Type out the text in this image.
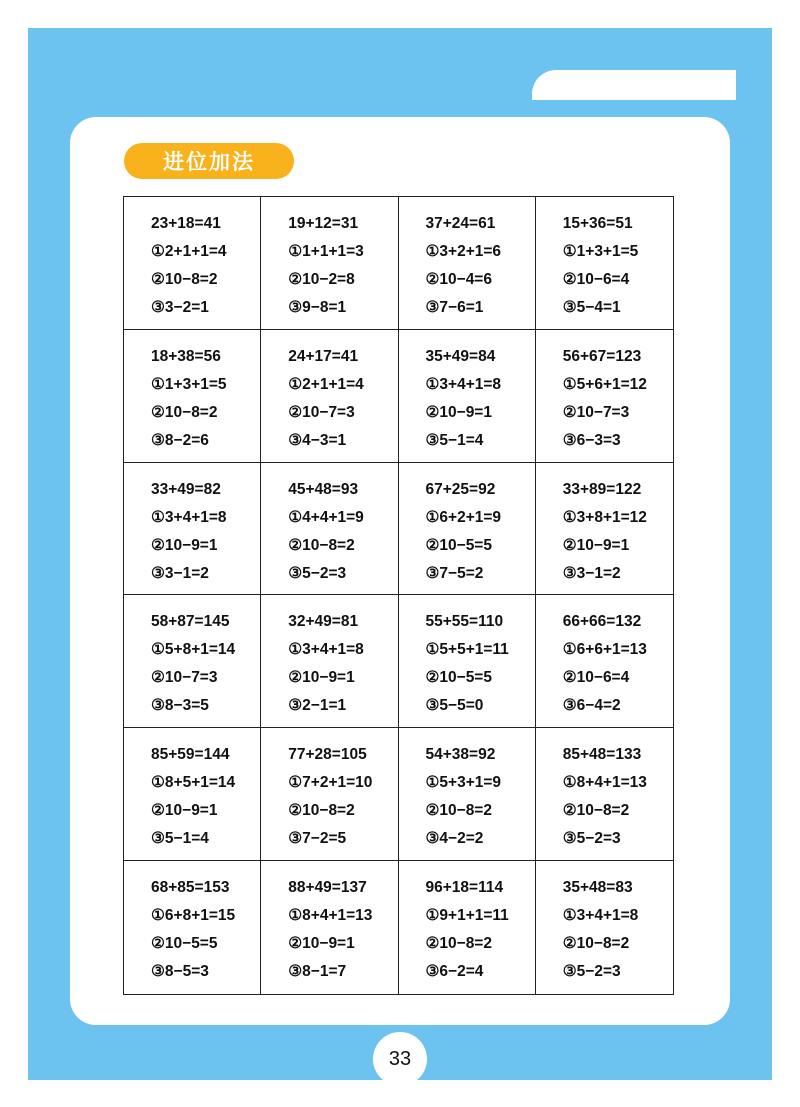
进位加法
23+18=41
①2+1+1=4
②10−8=2
③3−2=1
19+12=31
①1+1+1=3
②10−2=8
③9−8=1
37+24=61
①3+2+1=6
②10−4=6
③7−6=1
15+36=51
①1+3+1=5
②10−6=4
③5−4=1
18+38=56
①1+3+1=5
②10−8=2
③8−2=6
24+17=41
①2+1+1=4
②10−7=3
③4−3=1
35+49=84
①3+4+1=8
②10−9=1
③5−1=4
56+67=123
①5+6+1=12
②10−7=3
③6−3=3
33+49=82
①3+4+1=8
②10−9=1
③3−1=2
45+48=93
①4+4+1=9
②10−8=2
③5−2=3
67+25=92
①6+2+1=9
②10−5=5
③7−5=2
33+89=122
①3+8+1=12
②10−9=1
③3−1=2
58+87=145
①5+8+1=14
②10−7=3
③8−3=5
32+49=81
①3+4+1=8
②10−9=1
③2−1=1
55+55=110
①5+5+1=11
②10−5=5
③5−5=0
66+66=132
①6+6+1=13
②10−6=4
③6−4=2
85+59=144
①8+5+1=14
②10−9=1
③5−1=4
77+28=105
①7+2+1=10
②10−8=2
③7−2=5
54+38=92
①5+3+1=9
②10−8=2
③4−2=2
85+48=133
①8+4+1=13
②10−8=2
③5−2=3
68+85=153
①6+8+1=15
②10−5=5
③8−5=3
88+49=137
①8+4+1=13
②10−9=1
③8−1=7
96+18=114
①9+1+1=11
②10−8=2
③6−2=4
35+48=83
①3+4+1=8
②10−8=2
③5−2=3
33
